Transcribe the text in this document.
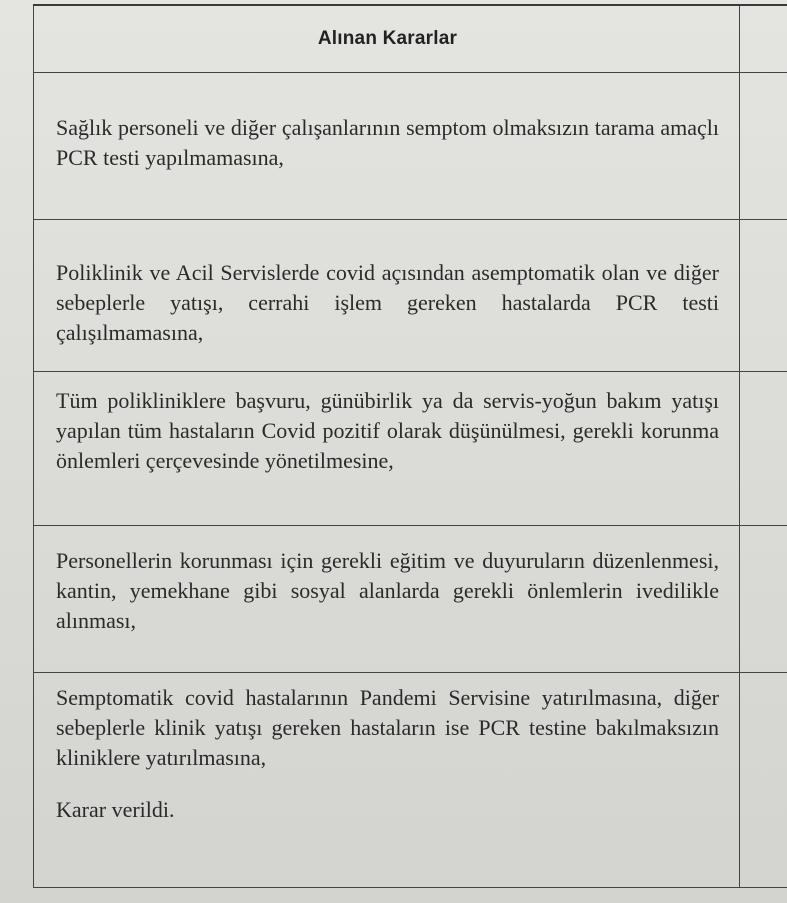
Alınan Kararlar

Sağlık personeli ve diğer çalışanlarının semptom olmaksızın tarama amaçlı PCR testi yapılmamasına,

Poliklinik ve Acil Servislerde covid açısından asemptomatik olan ve diğer sebeplerle yatışı, cerrahi işlem gereken hastalarda PCR testi çalışılmamasına,

Tüm polikliniklere başvuru, günübirlik ya da servis-yoğun bakım yatışı yapılan tüm hastaların Covid pozitif olarak düşünülmesi, gerekli korunma önlemleri çerçevesinde yönetilmesine,

Personellerin korunması için gerekli eğitim ve duyuruların düzenlenmesi, kantin, yemekhane gibi sosyal alanlarda gerekli önlemlerin ivedilikle alınması,

Semptomatik covid hastalarının Pandemi Servisine yatırılmasına, diğer sebeplerle klinik yatışı gereken hastaların ise PCR testine bakılmaksızın kliniklere yatırılmasına,

Karar verildi.
